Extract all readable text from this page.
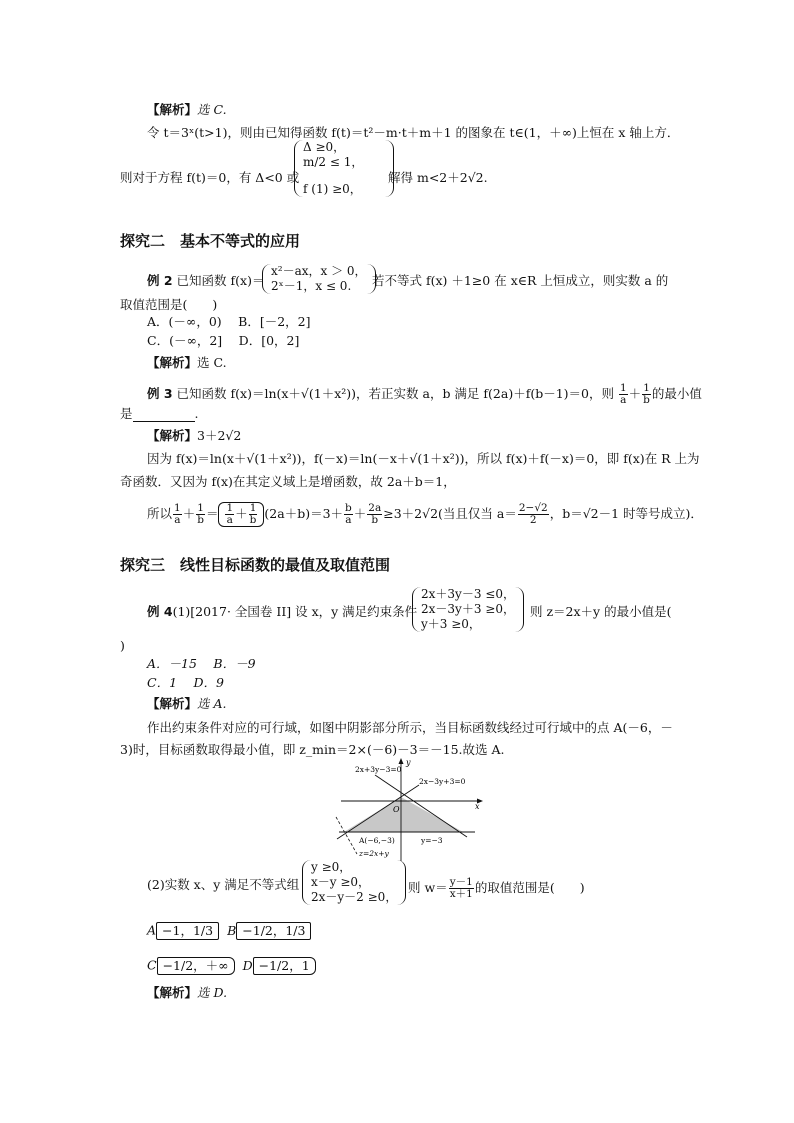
【解析】选 C.
令 t＝3ˣ(t>1)，则由已知得函数 f(t)＝t²－m·t＋m＋1 的图象在 t∈(1，＋∞)上恒在 x 轴上方．
则对于方程 f(t)＝0，有 Δ<0 或
Δ ≥0，
m/2 ≤ 1，
f (1) ≥0，
解得 m<2＋2√2.
探究二　基本不等式的应用
例 2 已知函数 f(x)＝
x²－ax，x ＞ 0，
2ˣ－1，x ≤ 0.	若不等式 f(x) ＋1≥0 在 x∈R 上恒成立，则实数 a 的
取值范围是(　　)
A．(－∞，0)　 B．[－2，2]
C．(－∞，2]　 D．[0，2]
【解析】选 C.
例 3 已知函数 f(x)＝ln(x＋√(1＋x²))，若正实数 a，b 满足 f(2a)＋f(b－1)＝0，则 $\frac{1}{a} + \frac{1}{b}$ 的最小值
是	.
【解析】3＋2√2
因为 f(x)＝ln(x＋√(1＋x²))，f(－x)＝ln(－x＋√(1＋x²))，所以 f(x)＋f(－x)＝0，即 f(x)在 R 上为
奇函数．又因为 f(x)在其定义域上是增函数，故 2a＋b＝1，
所以 $\frac{1}{a} + \frac{1}{b} = \frac{1}{a} + \frac{1}{b} (2a+b)=3+ \frac{b}{a} + \frac{2a}{b} \ge 3+2√2$(当且仅当 $a= \frac{2-√2}{2}$ ，b＝√2－1 时等号成立)．
探究三　线性目标函数的最值及取值范围
例 4(1)[2017· 全国卷 II] 设 x，y 满足约束条件
2x＋3y－3 ≤0，
2x－3y＋3 ≥0，
y＋3 ≥0，
则 z＝2x＋y 的最小值是(
)
A．－15　 B．－9
C．1　 D．9
【解析】选 A.
作出约束条件对应的可行域，如图中阴影部分所示，当目标函数线经过可行域中的点 A(－6，－
3)时，目标函数取得最小值，即 z_min＝2×(－6)－3＝－15.故选 A.
2x+3y−3=0
2x−3y+3=0
y
x
O
A(−6,−3)	y=−3
z=2x+y
(2)实数 x、y 满足不等式组
y ≥0，
x－y ≥0，
2x－y－2 ≥0，
则 $w= \frac{y-1}{x+1}$ 的取值范围是(　　)
A −1，1/3 B −1/2，1/3
C −1/2，＋∞ D −1/2，1
【解析】选 D.
